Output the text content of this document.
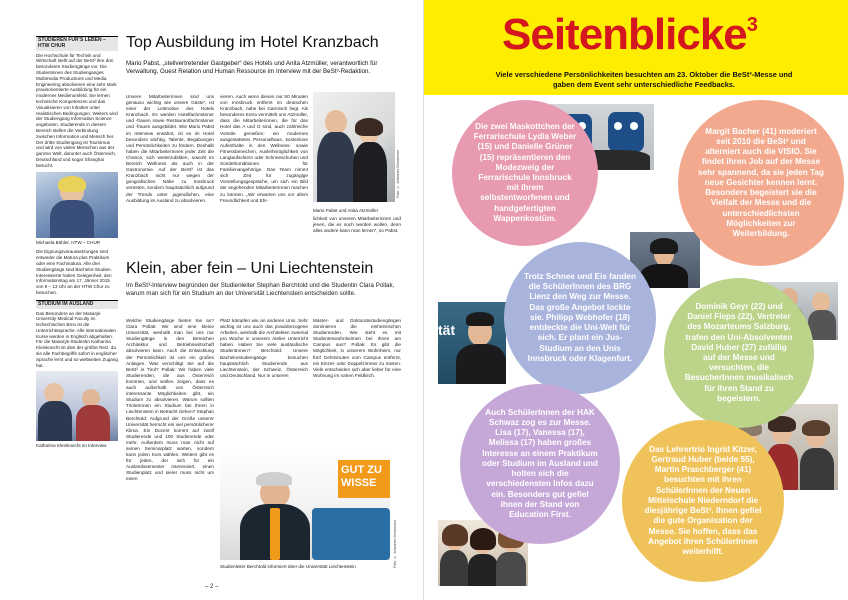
STUDIEREN FÜR’S LEBEN – HTW CHUR
Die Hochschule für Technik und Wirtschaft stellt auf der BeSt³ ihre drei besonderen Studiengänge vor. Die Studentinnen des Studienganges Multimedia Productions und Media Engineering absolvieren eine sehr stark praxisorientierte Ausbildung für ein modernes Medienumfeld. Sie lernen technische Kompetenzen und das Visualisieren von Inhalten unter realistischen Bedingungen. Weiters wird der Studiengang Information Science angeboten. Studierende in diesem Bereich stellen die Verbindung zwischen Information und Mensch her. Der dritte Studiengang ist Tourismus und wird von vielen Menschen aus der ganzen Welt, darunter auch Österreich, Deutschland und sogar Shanghai besucht.
Michaela Bühler, HTW – CHUR
Die Eignungsvoraussetzungen sind entweder die Matura plus Praktikum oder eine Fachmatura. Alle drei Studiengänge sind Bachelor-Studien. Interessierte haben Gelegenheit, den Informationstag am 17. Jänner 2015 von 9 – 13 Uhr an der HTW Chur zu besuchen.
STUDIUM IM AUSLAND
Das Besondere an der Masaryk University Medical Faculty im tschechischen Brno ist die Unterrichtssprache: Alle internationalen Kurse werden in Englisch abgehalten. Für die Masaryk-Studentin Katharina Kleinknecht ist dies der größte Reiz, da sie alle Fachbegriffe sofort in englischer Sprache lernt und so weltweiten Zugang hat.
Katharina Kleinknecht im Interview
Top Ausbildung im Hotel Kranzbach
Mario Pabst, „stellvertretender Gastgeber“ des Hotels und Anita Atzmüller, verantwortlich für Verwaltung, Guest Relation und Human Ressource im Interview mit der BeSt³-Redaktion.
Unsere Mitarbeiterinnen sind uns genauso wichtig wie unsere Gäste“, ist einer der Leitmotive des Hotels Kranzbach. Es werden Hotelfachmänner und -frauen sowie Restaurantfachmänner und -frauen ausgebildet. Wie Mario Pabst im Interview erwähnt, ist es im Hotel besonders wichtig, Talente, Begabungen und Persönlichkeiten zu fördern. Deshalb haben die MitarbeiterInnen jeder Zeit die Chance, sich weiterzubilden, sowohl im Bereich Wellness als auch in der Gastronomie. Auf der BeSt³ ist das Kranzbach nicht nur wegen der geografischen Nähe zu Innsbruck vertreten, sondern hauptsächlich aufgrund der Trends unter jugendlichen, eine Ausbildung im Ausland zu absolvieren.
vieren. Auch wenn dieses nur 50 Minuten von Innsbruck entfernt im deutschen Kranzbach, nahe bei Garmisch liegt. Als besonderes Extra vermittelt uns Atzmüller, dass die Mitarbeiterinnen, die für das Hotel das A und O sind, auch zahlreiche Vorteile genießen: ein modernes ausgestattetes Personalhaus, kostenlose Aufenthalte in den Wellness- sowie Fitnessbereichen, Ausleihmöglichkeit von Langlaufschiern oder Schneeschuhen und Sonderkonditionen für Familienangehörige. Das Team nimmt sich Zeit für zugängige Vorstellungsgespräche, um sich ein Bild der angehenden MitarbeiterInnen machen zu können. „Wir erwarten uns vor allem Freundlichkeit und Ehr-
Foto: © Johannes Giessmann
Mario Pabst und Anita Atzmüller
lichkeit von unseren Mitarbeiterinnen und jenen, die es noch werden wollen, denn alles andere kann man lernen“, so Pabst.
Klein, aber fein – Uni Liechtenstein
Im BeSt³-Interview begründen der Studienleiter Stephan Berchtold und die Studentin Clara Pollak, warum man sich für ein Studium an der Universität Liechtenstein entscheiden sollte.
Welche Studiengänge bieten Sie an? Clara Pollak: Wir sind eine kleine Universität, weshalb man bei uns nur Studiengänge in den Bereichen Architektur und Betriebswirtschaft absolvieren kann. Auch die Entwicklung der Persönlichkeit ist uns ein großes Anliegen. Was verschlägt Sie auf die BeSt³ in Tirol? Pollak: Wir haben viele Studierenden, die aus Österreich kommen, und wollen zeigen, dass es auch außerhalb von Österreich interessante Möglichkeiten gibt, ein Studium zu absolvieren. Warum sollten TirolerInnen ein Studium bei Ihnen in Liechtenstein in Betracht ziehen? Stephan Berchtold: Aufgrund der Größe unserer Universität herrscht ein viel persönlicherer Klima. Ein Dozent kommt auf zwölf Studierende und 100 Studierende oder mehr. Außerdem muss man nicht auf seinen Seminarplatz warten, sondern kann jeden Kurs wählen. Weiters gibt es für jeden, der sich für ein Auslandssemester interessiert, einen Studienplatz und sie/er muss nicht um einen
Platz kämpfen wie an anderen Unis. Sehr wichtig ist uns auch das praxisbezogene Arbeiten, weshalb die Architekten zweimal pro Woche in unserem Atelier Unterricht haben. Haben Sie viele ausländische StudentInnen? Berchtold: Unsere Bachelorstudiengänge besuchen hauptsächlich Studierende aus Liechtenstein, der Schweiz, Österreich und Deutschland. Nur in unseren
Master- und Doktoratsstudiengängen dominieren die einheimischen Studierenden. Wie steht es mit Studentenwohnheimen bei Ihnen am Campus aus? Pollak: Es gibt die Möglichkeit, in unserem Wohnheim, nur fünf Gehminuten vom Campus entfernt, ein Einzel- oder Doppelzimmer zu mieten. Viele entscheiden sich aber lieber für eine Wohnung im nahen Feldkirch.
GUT ZU WISSE
Foto: © Johannes Giessmann
Studienleiter Berchtold informiert über die Universität Liechtenstein
– 2 –
Seitenblicke$^3$
Viele verschiedene Persönlichkeiten besuchten am 23. Oktober die BeSt³-Messe und gaben dem Event sehr unterschiedliche Feedbacks.
tät
Die zwei Maskottchen der Ferrarischule Lydia Weber (15) und Danielle Grüner (15) repräsentieren den Modezweig der Ferrarischule Innsbruck mit ihrem selbstentworfenen und handgefertigten Wappenkostüm.
Margit Bacher (41) moderiert seit 2010 die BeSt³ und alterniert auch die VISIO. Sie findet ihren Job auf der Messe sehr spannend, da sie jeden Tag neue Gesichter kennen lernt. Besonders begeistert sie die Vielfalt der Messe und die unterschiedlichsten Möglichkeiten zur Weiterbildung.
Trotz Schnee und Eis fanden die SchülerInnen des BRG Lienz den Weg zur Messe. Das große Angebot lockte sie. Philipp Webhofer (18) entdeckte die Uni-Welt für sich. Er plant ein Jus-Studium an den Unis Innsbruck oder Klagenfurt.
Dominik Geyr (22) und Daniel Fleps (22), Vertreter des Mozarteums Salzburg, trafen den Uni-Absolventen David Huber (27) zufällig auf der Messe und versuchten, die BesucherInnen musikalisch für ihren Stand zu begeistern.
Auch SchülerInnen der HAK Schwaz zog es zur Messe. Lisa (17), Vanessa (17), Melissa (17) haben großes Interesse an einem Praktikum oder Studium im Ausland und holten sich die verschiedensten Infos dazu ein. Besonders gut gefiel ihnen der Stand von Education First.
Das Lehrertrio Ingrid Kitzer, Gertraud Huber (beide 55), Martin Praschberger (41) besuchten mit ihren SchülerInnen der Neuen Mittelschule Niederndorf die diesjährige BeSt³. Ihnen gefiel die gute Organisation der Messe. Sie hoffen, dass das Angebot ihren SchülerInnen weiterhilft.
